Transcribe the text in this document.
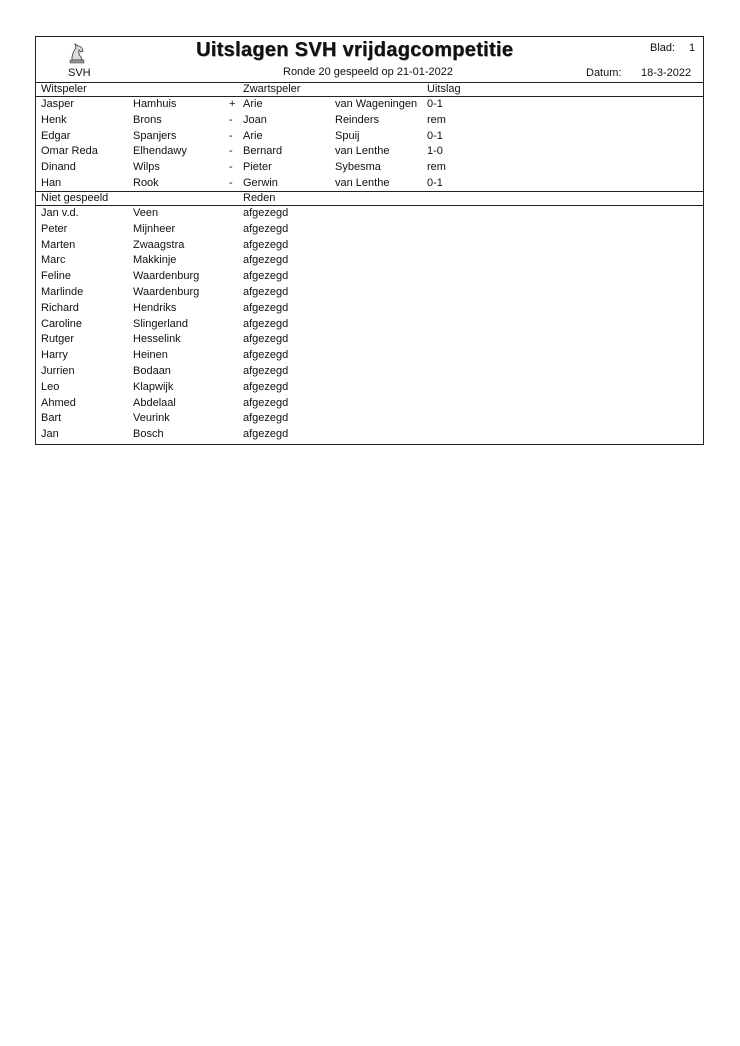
SVH
Uitslagen SVH vrijdagcompetitie
Ronde 20 gespeeld op 21-01-2022
Blad: 1
Datum: 18-3-2022
Witspeler	Zwartspeler	Uitslag
Jasper	Hamhuis	+ Arie	van Wageningen 0-1
Henk	Brons	- Joan	Reinders	rem
Edgar	Spanjers	- Arie	Spuij	0-1
Omar Reda	Elhendawy	- Bernard	van Lenthe	1-0
Dinand	Wilps	- Pieter	Sybesma	rem
Han	Rook	- Gerwin	van Lenthe	0-1
Niet gespeeld	Reden
Jan v.d.	Veen	afgezegd
Peter	Mijnheer	afgezegd
Marten	Zwaagstra	afgezegd
Marc	Makkinje	afgezegd
Feline	Waardenburg	afgezegd
Marlinde	Waardenburg	afgezegd
Richard	Hendriks	afgezegd
Caroline	Slingerland	afgezegd
Rutger	Hesselink	afgezegd
Harry	Heinen	afgezegd
Jurrien	Bodaan	afgezegd
Leo	Klapwijk	afgezegd
Ahmed	Abdelaal	afgezegd
Bart	Veurink	afgezegd
Jan	Bosch	afgezegd
